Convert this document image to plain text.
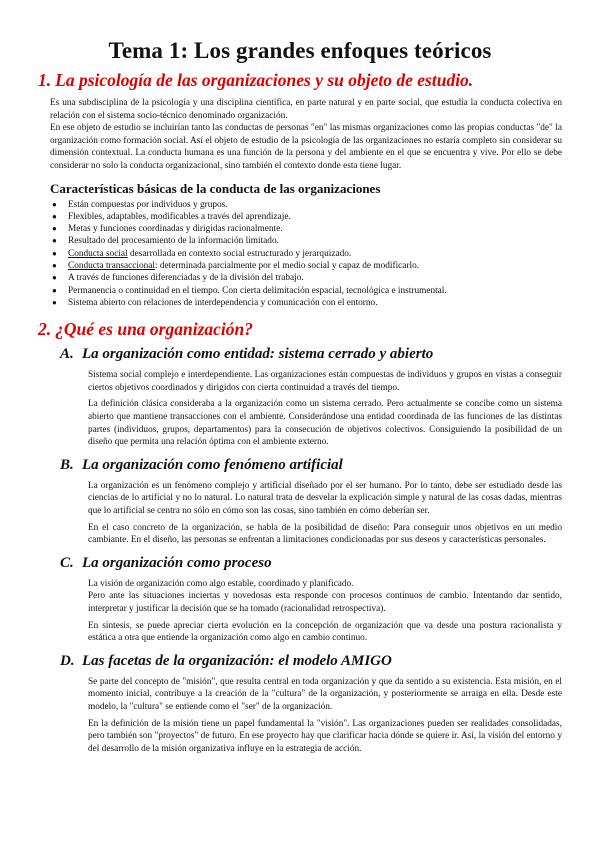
Tema 1: Los grandes enfoques teóricos
1. La psicología de las organizaciones y su objeto de estudio.

Es una subdisciplina de la psicología y una disciplina científica, en parte natural y en parte social, que estudia la conducta colectiva en relación con el sistema socio-técnico denominado organización.

En ese objeto de estudio se incluirían tanto las conductas de personas "en" las mismas organizaciones como las propias conductas "de" la organización como formación social. Así el objeto de estudio de la psicología de las organizaciones no estaría completo sin considerar su dimensión contextual. La conducta humana es una función de la persona y del ambiente en el que se encuentra y vive. Por ello se debe considerar no solo la conducta organizacional, sino también el contexto donde esta tiene lugar.

Características básicas de la conducta de las organizaciones
● Están compuestas por individuos y grupos.
● Flexibles, adaptables, modificables a través del aprendizaje.
● Metas y funciones coordinadas y dirigidas racionalmente.
● Resultado del procesamiento de la información limitado.
● Conducta social desarrollada en contexto social estructurado y jerarquizado.
● Conducta transaccional: determinada parcialmente por el medio social y capaz de modificarlo.
● A través de funciones diferenciadas y de la división del trabajo.
● Permanencia o continuidad en el tiempo. Con cierta delimitación espacial, tecnológica e instrumental.
● Sistema abierto con relaciones de interdependencia y comunicación con el entorno.
2. ¿Qué es una organización?
A. La organización como entidad: sistema cerrado y abierto

Sistema social complejo e interdependiente. Las organizaciones están compuestas de individuos y grupos en vistas a conseguir ciertos objetivos coordinados y dirigidos con cierta continuidad a través del tiempo.

La definición clásica consideraba a la organización como un sistema cerrado. Pero actualmente se concibe como un sistema abierto que mantiene transacciones con el ambiente. Considerándose una entidad coordinada de las funciones de las distintas partes (individuos, grupos, departamentos) para la consecución de objetivos colectivos. Consiguiendo la posibilidad de un diseño que permita una relación óptima con el ambiente externo.

B. La organización como fenómeno artificial

La organización es un fenómeno complejo y artificial diseñado por el ser humano. Por lo tanto, debe ser estudiado desde las ciencias de lo artificial y no lo natural. Lo natural trata de desvelar la explicación simple y natural de las cosas dadas, mientras que lo artificial se centra no sólo en cómo son las cosas, sino también en cómo deberían ser.

En el caso concreto de la organización, se habla de la posibilidad de diseño: Para conseguir unos objetivos en un medio cambiante. En el diseño, las personas se enfrentan a limitaciones condicionadas por sus deseos y características personales.

C. La organización como proceso

La visión de organización como algo estable, coordinado y planificado.

Pero ante las situaciones inciertas y novedosas esta responde con procesos continuos de cambio. Intentando dar sentido, interpretar y justificar la decisión que se ha tomado (racionalidad retrospectiva).

En síntesis, se puede apreciar cierta evolución en la concepción de organización que va desde una postura racionalista y estática a otra que entiende la organización como algo en cambio continuo.

D. Las facetas de la organización: el modelo AMIGO

Se parte del concepto de "misión", que resulta central en toda organización y que da sentido a su existencia. Esta misión, en el momento inicial, contribuye a la creación de la "cultura" de la organización, y posteriormente se arraiga en ella. Desde este modelo, la "cultura" se entiende como el "ser" de la organización.

En la definición de la misión tiene un papel fundamental la "visión". Las organizaciones pueden ser realidades consolidadas, pero también son "proyectos" de futuro. En ese proyecto hay que clarificar hacia dónde se quiere ir. Así, la visión del entorno y del desarrollo de la misión organizativa influye en la estrategia de acción.
